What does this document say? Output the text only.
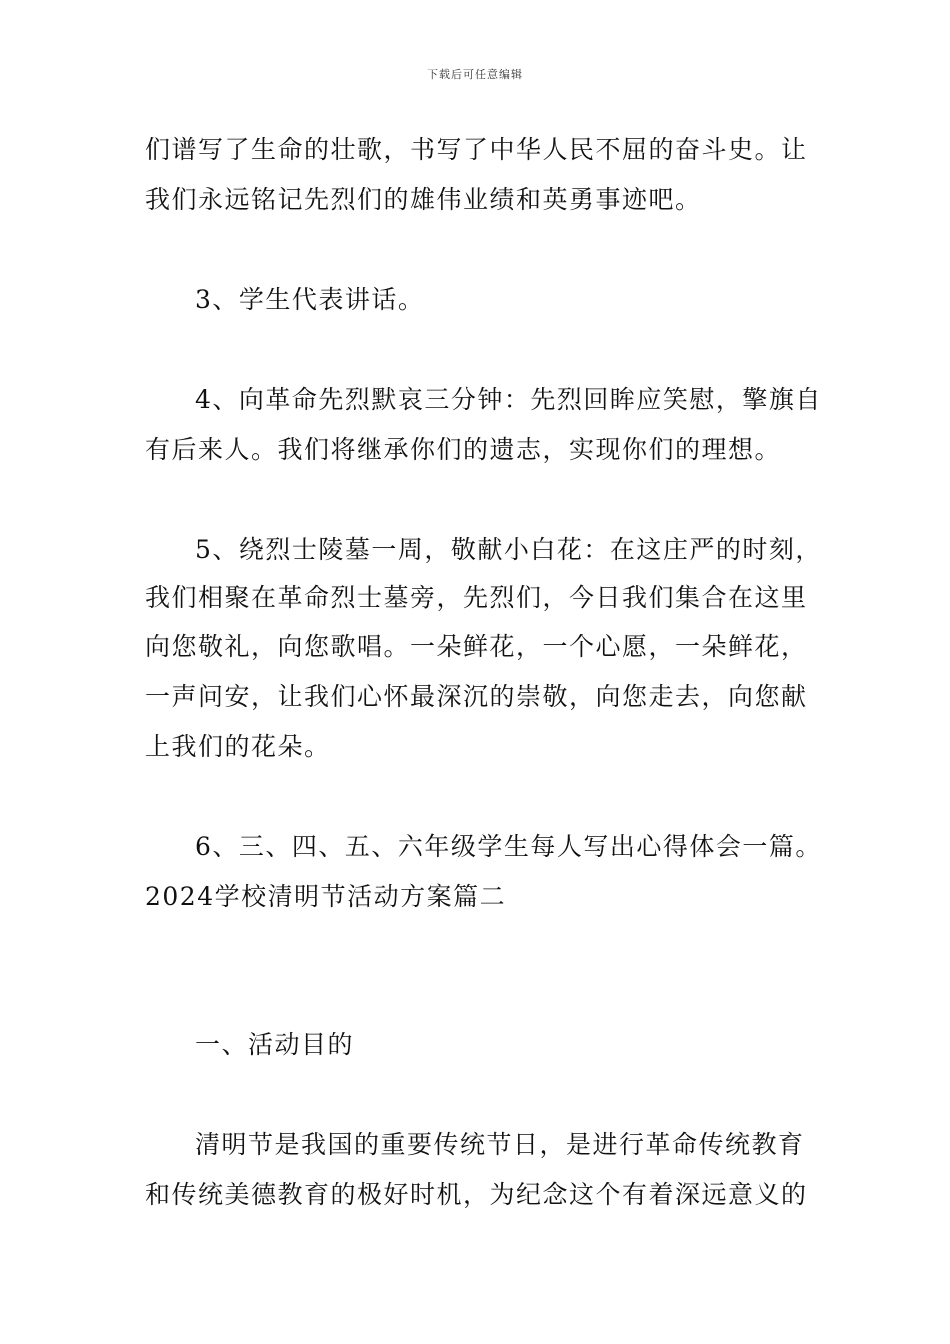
下载后可任意编辑
们谱写了生命的壮歌，书写了中华人民不屈的奋斗史。让
我们永远铭记先烈们的雄伟业绩和英勇事迹吧。
3、学生代表讲话。
4、向革命先烈默哀三分钟：先烈回眸应笑慰，擎旗自
有后来人。我们将继承你们的遗志，实现你们的理想。
5、绕烈士陵墓一周，敬献小白花：在这庄严的时刻，
我们相聚在革命烈士墓旁，先烈们，今日我们集合在这里
向您敬礼，向您歌唱。一朵鲜花，一个心愿，一朵鲜花，
一声问安，让我们心怀最深沉的崇敬，向您走去，向您献
上我们的花朵。
6、三、四、五、六年级学生每人写出心得体会一篇。
2024学校清明节活动方案篇二
一、活动目的
清明节是我国的重要传统节日，是进行革命传统教育
和传统美德教育的极好时机，为纪念这个有着深远意义的
